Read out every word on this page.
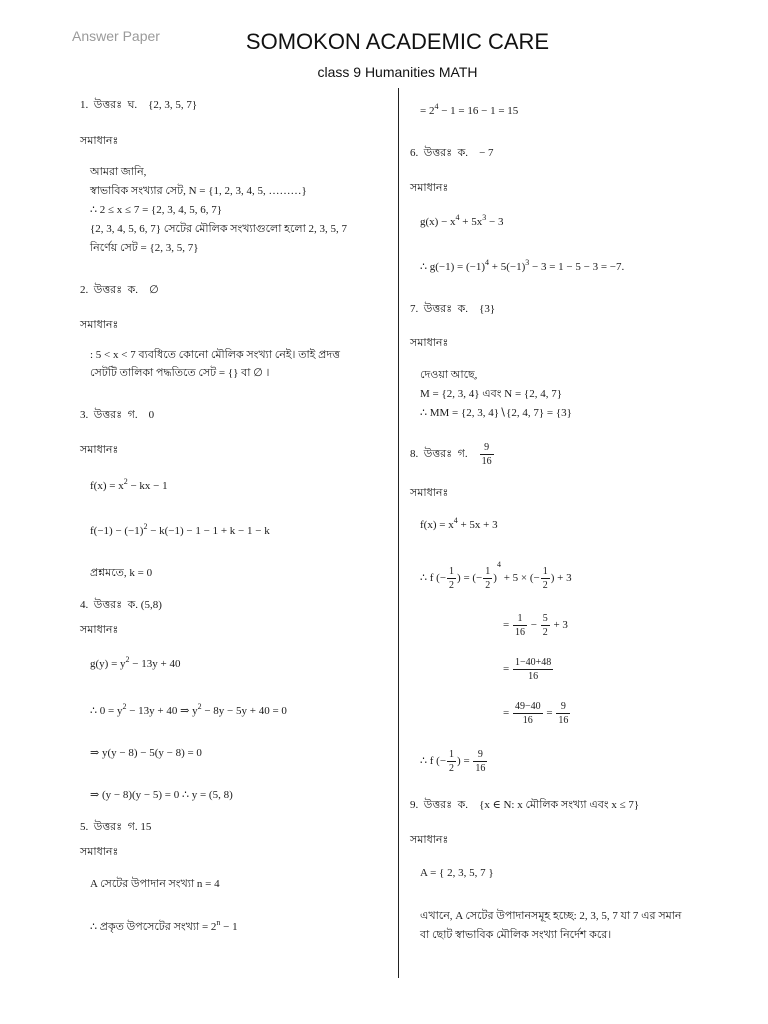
Answer Paper	SOMOKON ACADEMIC CARE
class 9 Humanities MATH
1. উত্তরঃ ঘ. {2, 3, 5, 7}
সমাধানঃ
আমরা জানি,
স্বাভাবিক সংখ্যার সেট, N = {1, 2, 3, 4, 5, ………}
∴ 2 ≤ x ≤ 7 = {2, 3, 4, 5, 6, 7}
{2, 3, 4, 5, 6, 7} সেটের মৌলিক সংখ্যাগুলো হলো 2, 3, 5, 7
নির্ণেয় সেট = {2, 3, 5, 7}
2. উত্তরঃ ক. ∅
সমাধানঃ
: 5 < x < 7 ব্যবধিতে কোনো মৌলিক সংখ্যা নেই। তাই প্রদত্ত
সেটটি তালিকা পদ্ধতিতে সেট = {} বা ∅ ।
3. উত্তরঃ গ. 0
সমাধানঃ
$f(x) = x^2$ − kx − 1
$f(-1) - (-1)^2 - k(-1) - 1 - 1 + k - 1 - k$
প্রশ্নমতে, k = 0
4. উত্তরঃ ক. (5,8)
সমাধানঃ
$g(y) = y^2 - 13y + 40$
∴ $0 = y^2 - 13y + 40$ ⇒ $y^2 - 8y - 5y + 40 = 0$
⇒ y(y − 8) − 5(y − 8) = 0
⇒ (y − 8)(y − 5) = 0 ∴ y = (5, 8)
5. উত্তরঃ গ. 15
সমাধানঃ
A সেটের উপাদান সংখ্যা n = 4
∴ প্রকৃত উপসেটের সংখ্যা = $2^n - 1$
= $2^4 - 1 = 16 - 1 = 15$
6. উত্তরঃ ক. − 7
সমাধানঃ
$g(x) - x^4 + 5x^3 - 3$
∴ $g(-1) = (-1)^4 + 5(-1)^3 - 3 = 1 - 5 - 3 = -7$.
7. উত্তরঃ ক. {3}
সমাধানঃ
দেওয়া আছে,
M = {2, 3, 4} এবং N = {2, 4, 7}
∴ MM = {2, 3, 4}∖{2, 4, 7} = {3}
8. উত্তরঃ গ. $\frac{9}{16}$
সমাধানঃ
$f(x) = x^4 + 5x + 3$
∴ f (− $\frac{1}{2}$ ) = (− $\frac{1}{2} )^4 + 5$ × (− $\frac{1}{2}$ ) + 3
= $\frac{1}{16} - \frac{5}{2} + 3$
= $\frac{1-40+48}{16}$
= $\frac{49-40}{16} = \frac{9}{16}$
∴ f (− $\frac{1}{2}$ ) = $\frac{9}{16}$
9. উত্তরঃ ক. {x ∈ N: x মৌলিক সংখ্যা এবং x ≤ 7}
সমাধানঃ
A = { 2, 3, 5, 7 }
এখানে, A সেটের উপাদানসমূহ হচ্ছে: 2, 3, 5, 7 যা 7 এর সমান
বা ছোট স্বাভাবিক মৌলিক সংখ্যা নির্দেশ করে।
